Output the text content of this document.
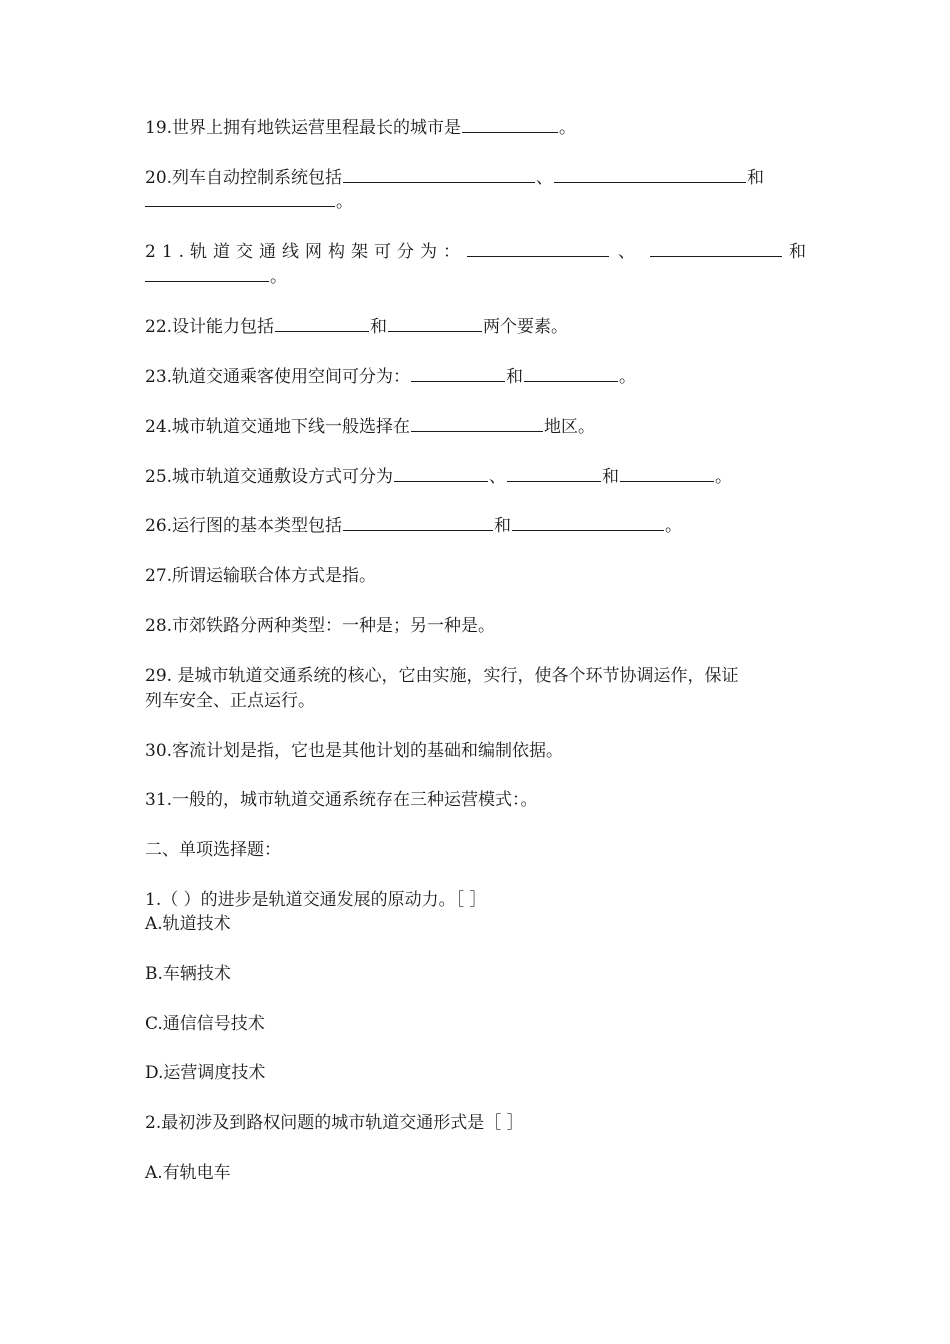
19.世界上拥有地铁运营里程最长的城市是	。
20.列车自动控制系统包括	、	和
。
21.轨道交通线网构架可分为：	、	和
。
22.设计能力包括	和	两个要素。
23.轨道交通乘客使用空间可分为：	和	。
24.城市轨道交通地下线一般选择在	地区。
25.城市轨道交通敷设方式可分为	、	和	。
26.运行图的基本类型包括	和	。
27.所谓运输联合体方式是指。
28.市郊铁路分两种类型：一种是；另一种是。
29. 是城市轨道交通系统的核心，它由实施，实行，使各个环节协调运作，保证
列车安全、正点运行。
30.客流计划是指，它也是其他计划的基础和编制依据。
31.一般的，城市轨道交通系统存在三种运营模式：。
二、单项选择题：
1.（ ）的进步是轨道交通发展的原动力。［ ］
A.轨道技术
B.车辆技术
C.通信信号技术
D.运营调度技术
2.最初涉及到路权问题的城市轨道交通形式是［ ］
A.有轨电车
